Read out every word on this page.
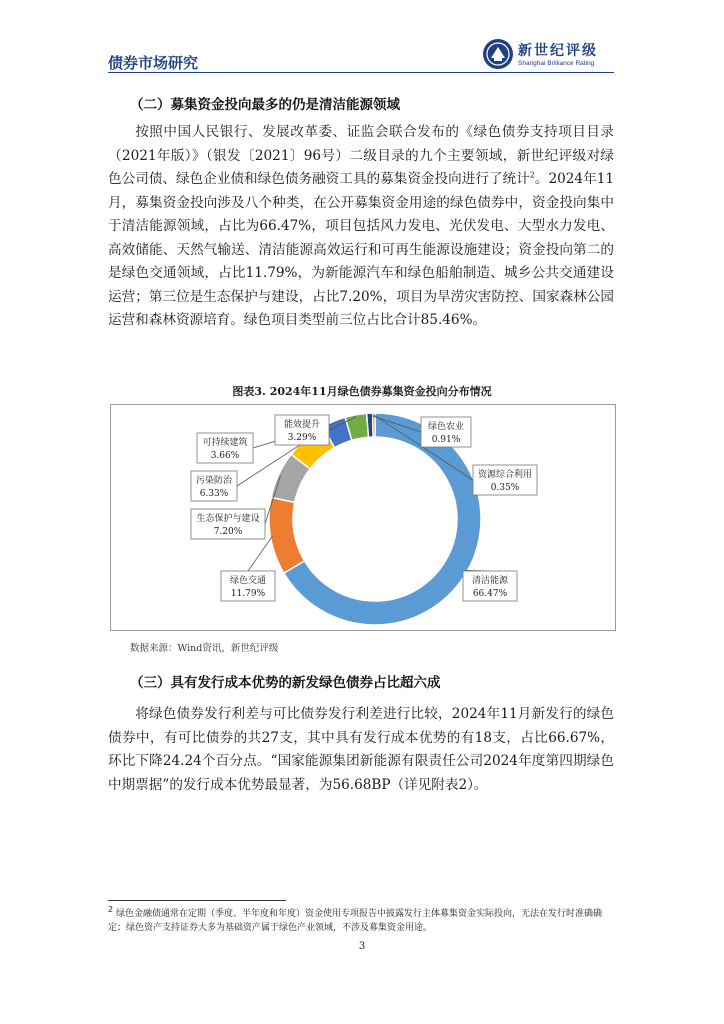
债券市场研究
新世纪评级
Shanghai Brilliance Rating
（二）募集资金投向最多的仍是清洁能源领域
按照中国人民银行、发展改革委、证监会联合发布的《绿色债券支持项目目录（2021年版）》（银发〔2021〕96号）二级目录的九个主要领域，新世纪评级对绿色公司债、绿色企业债和绿色债务融资工具的募集资金投向进行了统计$^2$。2024年11月，募集资金投向涉及八个种类，在公开募集资金用途的绿色债券中，资金投向集中于清洁能源领域，占比为66.47%，项目包括风力发电、光伏发电、大型水力发电、高效储能、天然气输送、清洁能源高效运行和可再生能源设施建设；资金投向第二的是绿色交通领域，占比11.79%，为新能源汽车和绿色船舶制造、城乡公共交通建设运营；第三位是生态保护与建设，占比7.20%，项目为旱涝灾害防控、国家森林公园运营和森林资源培育。绿色项目类型前三位占比合计85.46%。
图表3. 2024年11月绿色债券募集资金投向分布情况
清洁能源
66.47%
绿色交通
11.79%
生态保护与建设
7.20%
污染防治
6.33%
可持续建筑
3.66%
能效提升
3.29%
绿色农业
0.91%
资源综合利用
0.35%
数据来源：Wind资讯，新世纪评级
（三）具有发行成本优势的新发绿色债券占比超六成
将绿色债券发行利差与可比债券发行利差进行比较，2024年11月新发行的绿色债券中，有可比债券的共27支，其中具有发行成本优势的有18支，占比66.67%，环比下降24.24个百分点。“国家能源集团新能源有限责任公司2024年度第四期绿色中期票据”的发行成本优势最显著，为56.68BP（详见附表2）。
$^2$ 绿色金融债通常在定期（季度、半年度和年度）资金使用专项报告中披露发行主体募集资金实际投向，无法在发行时准确确定；绿色资产支持证券大多为基础资产属于绿色产业领域，不涉及募集资金用途。
3
